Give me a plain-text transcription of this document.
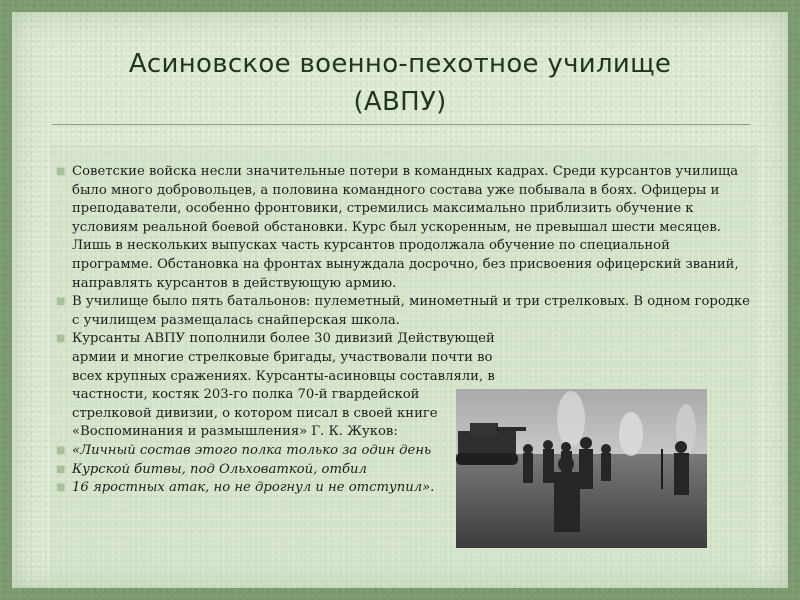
Асиновское военно-пехотное училище
(АВПУ)

■ Советские войска несли значительные потери в командных кадрах. Среди курсантов училища было много добровольцев, а половина командного состава уже побывала в боях. Офицеры и преподаватели, особенно фронтовики, стремились максимально приблизить обучение к условиям реальной боевой обстановки. Курс был ускоренным, не превышал шести месяцев. Лишь в нескольких выпусках часть курсантов продолжала обучение по специальной программе. Обстановка на фронтах вынуждала досрочно, без присвоения офицерский званий, направлять курсантов в действующую армию.

■ В училище было пять батальонов: пулеметный, минометный и три стрелковых. В одном городке с училищем размещалась снайперская школа.

■ Курсанты АВПУ пополнили более 30 дивизий Действующей армии и многие стрелковые бригады, участвовали почти во всех крупных сражениях. Курсанты-асиновцы составляли, в частности, костяк 203-го полка 70-й гвардейской стрелковой дивизии, о котором писал в своей книге «Воспоминания и размышления» Г. К. Жуков:

■ «Личный состав этого полка только за один день

■ Курской битвы, под Ольховаткой, отбил

■ 16 яростных атак, но не дрогнул и не отступил».
